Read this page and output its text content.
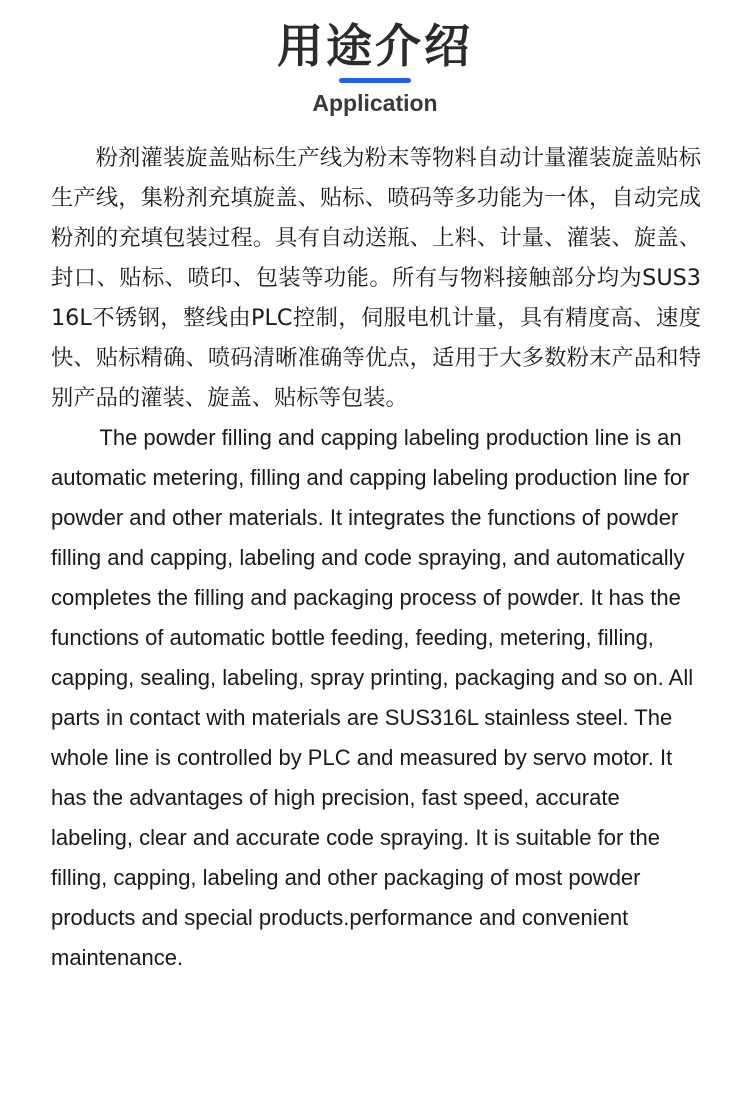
用途介绍
Application

粉剂灌装旋盖贴标生产线为粉末等物料自动计量灌装旋盖贴标生产线，集粉剂充填旋盖、贴标、喷码等多功能为一体，自动完成粉剂的充填包装过程。具有自动送瓶、上料、计量、灌装、旋盖、封口、贴标、喷印、包装等功能。所有与物料接触部分均为SUS316L不锈钢，整线由PLC控制，伺服电机计量，具有精度高、速度快、贴标精确、喷码清晰准确等优点，适用于大多数粉末产品和特别产品的灌装、旋盖、贴标等包装。

The powder filling and capping labeling production line is an automatic metering, filling and capping labeling production line for powder and other materials. It integrates the functions of powder filling and capping, labeling and code spraying, and automatically completes the filling and packaging process of powder. It has the functions of automatic bottle feeding, feeding, metering, filling, capping, sealing, labeling, spray printing, packaging and so on. All parts in contact with materials are SUS316L stainless steel. The whole line is controlled by PLC and measured by servo motor. It has the advantages of high precision, fast speed, accurate labeling, clear and accurate code spraying. It is suitable for the filling, capping, labeling and other packaging of most powder products and special products.performance and convenient maintenance.
